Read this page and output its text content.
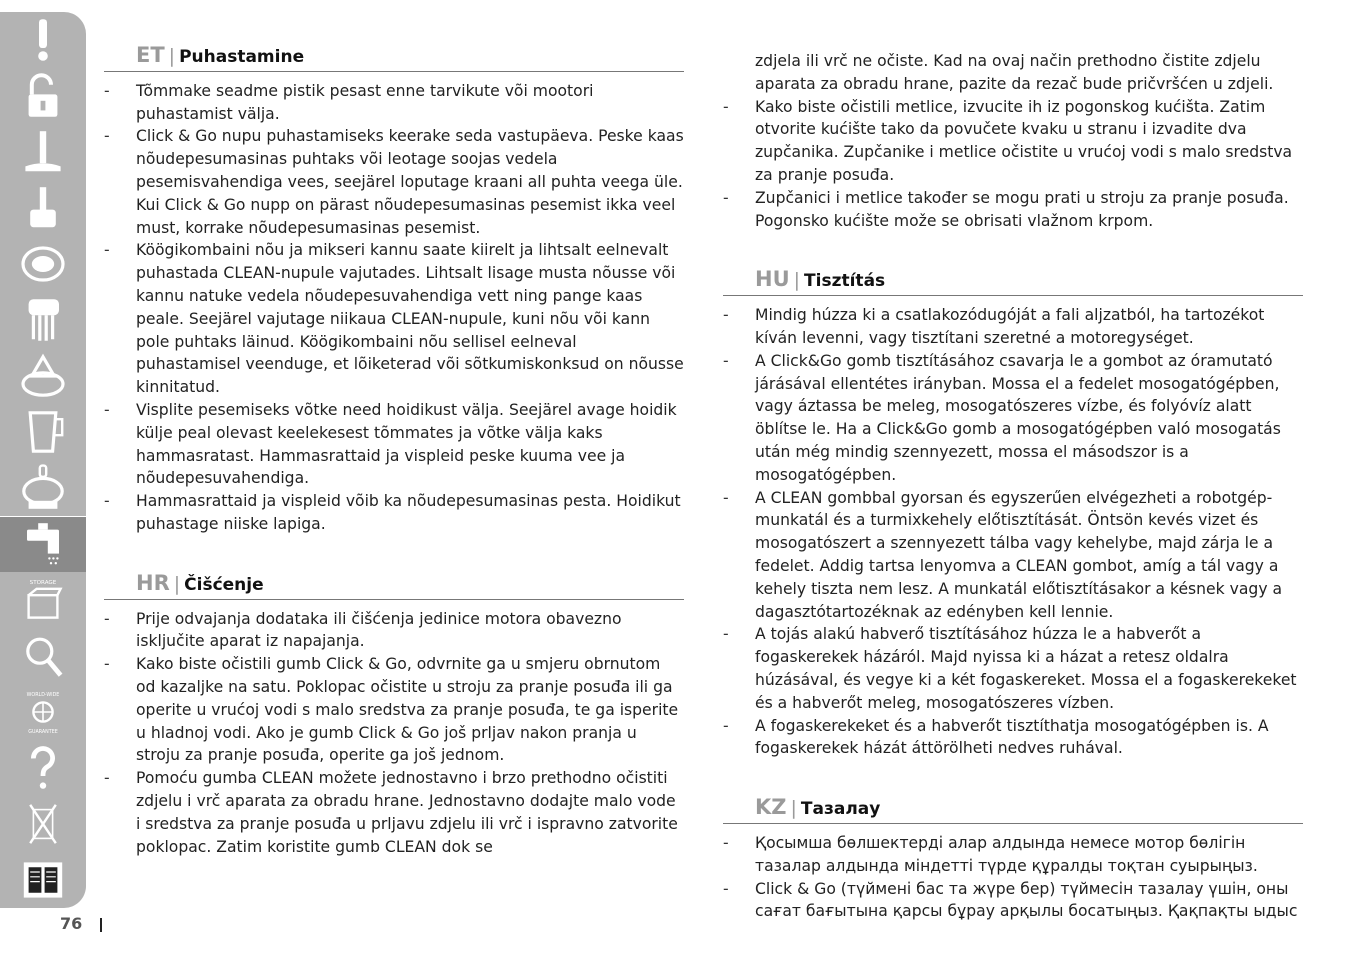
STORAGE
WORLD-WIDE
GUARANTEE
76
ET | Puhastamine
- Tõmmake seadme pistik pesast enne tarvikute või mootori puhastamist välja.
- Click & Go nupu puhastamiseks keerake seda vastupäeva. Peske kaas nõudepesumasinas puhtaks või leotage soojas vedela pesemisvahendiga vees, seejärel loputage kraani all puhta veega üle. Kui Click & Go nupp on pärast nõudepesumasinas pesemist ikka veel must, korrake nõudepesumasinas pesemist.
- Köögikombaini nõu ja mikseri kannu saate kiirelt ja lihtsalt eelnevalt puhastada CLEAN-nupule vajutades. Lihtsalt lisage musta nõusse või kannu natuke vedela nõudepesuvahendiga vett ning pange kaas peale. Seejärel vajutage niikaua CLEAN-nupule, kuni nõu või kann pole puhtaks läinud. Köögikombaini nõu sellisel eelneval puhastamisel veenduge, et lõiketerad või sõtkumiskonksud on nõusse kinnitatud.
- Visplite pesemiseks võtke need hoidikust välja. Seejärel avage hoidik külje peal olevast keelekesest tõmmates ja võtke välja kaks hammasratast. Hammasrattaid ja vispleid peske kuuma vee ja nõudepesuvahendiga.
- Hammasrattaid ja vispleid võib ka nõudepesumasinas pesta. Hoidikut puhastage niiske lapiga.
HR | Čišćenje
- Prije odvajanja dodataka ili čišćenja jedinice motora obavezno isključite aparat iz napajanja.
- Kako biste očistili gumb Click & Go, odvrnite ga u smjeru obrnutom od kazaljke na satu. Poklopac očistite u stroju za pranje posuđa ili ga operite u vrućoj vodi s malo sredstva za pranje posuđa, te ga isperite u hladnoj vodi. Ako je gumb Click & Go još prljav nakon pranja u stroju za pranje posuđa, operite ga još jednom.
- Pomoću gumba CLEAN možete jednostavno i brzo prethodno očistiti zdjelu i vrč aparata za obradu hrane. Jednostavno dodajte malo vode i sredstva za pranje posuđa u prljavu zdjelu ili vrč i ispravno zatvorite poklopac. Zatim koristite gumb CLEAN dok se
zdjela ili vrč ne očiste. Kad na ovaj način prethodno čistite zdjelu aparata za obradu hrane, pazite da rezač bude pričvršćen u zdjeli.
- Kako biste očistili metlice, izvucite ih iz pogonskog kućišta. Zatim otvorite kućište tako da povučete kvaku u stranu i izvadite dva zupčanika. Zupčanike i metlice očistite u vrućoj vodi s malo sredstva za pranje posuđa.
- Zupčanici i metlice također se mogu prati u stroju za pranje posuđa. Pogonsko kućište može se obrisati vlažnom krpom.
HU | Tisztítás
- Mindig húzza ki a csatlakozódugóját a fali aljzatból, ha tartozékot kíván levenni, vagy tisztítani szeretné a motoregységet.
- A Click&Go gomb tisztításához csavarja le a gombot az óramutató járásával ellentétes irányban. Mossa el a fedelet mosogatógépben, vagy áztassa be meleg, mosogatószeres vízbe, és folyóvíz alatt öblítse le. Ha a Click&Go gomb a mosogatógépben való mosogatás után még mindig szennyezett, mossa el másodszor is a mosogatógépben.
- A CLEAN gombbal gyorsan és egyszerűen elvégezheti a robotgép-munkatál és a turmixkehely előtisztítását. Öntsön kevés vizet és mosogatószert a szennyezett tálba vagy kehelybe, majd zárja le a fedelet. Addig tartsa lenyomva a CLEAN gombot, amíg a tál vagy a kehely tiszta nem lesz. A munkatál előtisztításakor a késnek vagy a dagasztótartozéknak az edényben kell lennie.
- A tojás alakú habverő tisztításához húzza le a habverőt a fogaskerekek házáról. Majd nyissa ki a házat a retesz oldalra húzásával, és vegye ki a két fogaskereket. Mossa el a fogaskerekeket és a habverőt meleg, mosogatószeres vízben.
- A fogaskerekeket és a habverőt tisztíthatja mosogatógépben is. A fogaskerekek házát áttörölheti nedves ruhával.
KZ | Тазалау
- Қосымша бөлшектерді алар алдында немесе мотор бөлігін тазалар алдында міндетті түрде құралды тоқтан суырыңыз.
- Click & Go (түймені бас та жүре бер) түймесін тазалау үшін, оны сағат бағытына қарсы бұрау арқылы босатыңыз. Қақпақты ыдыс
